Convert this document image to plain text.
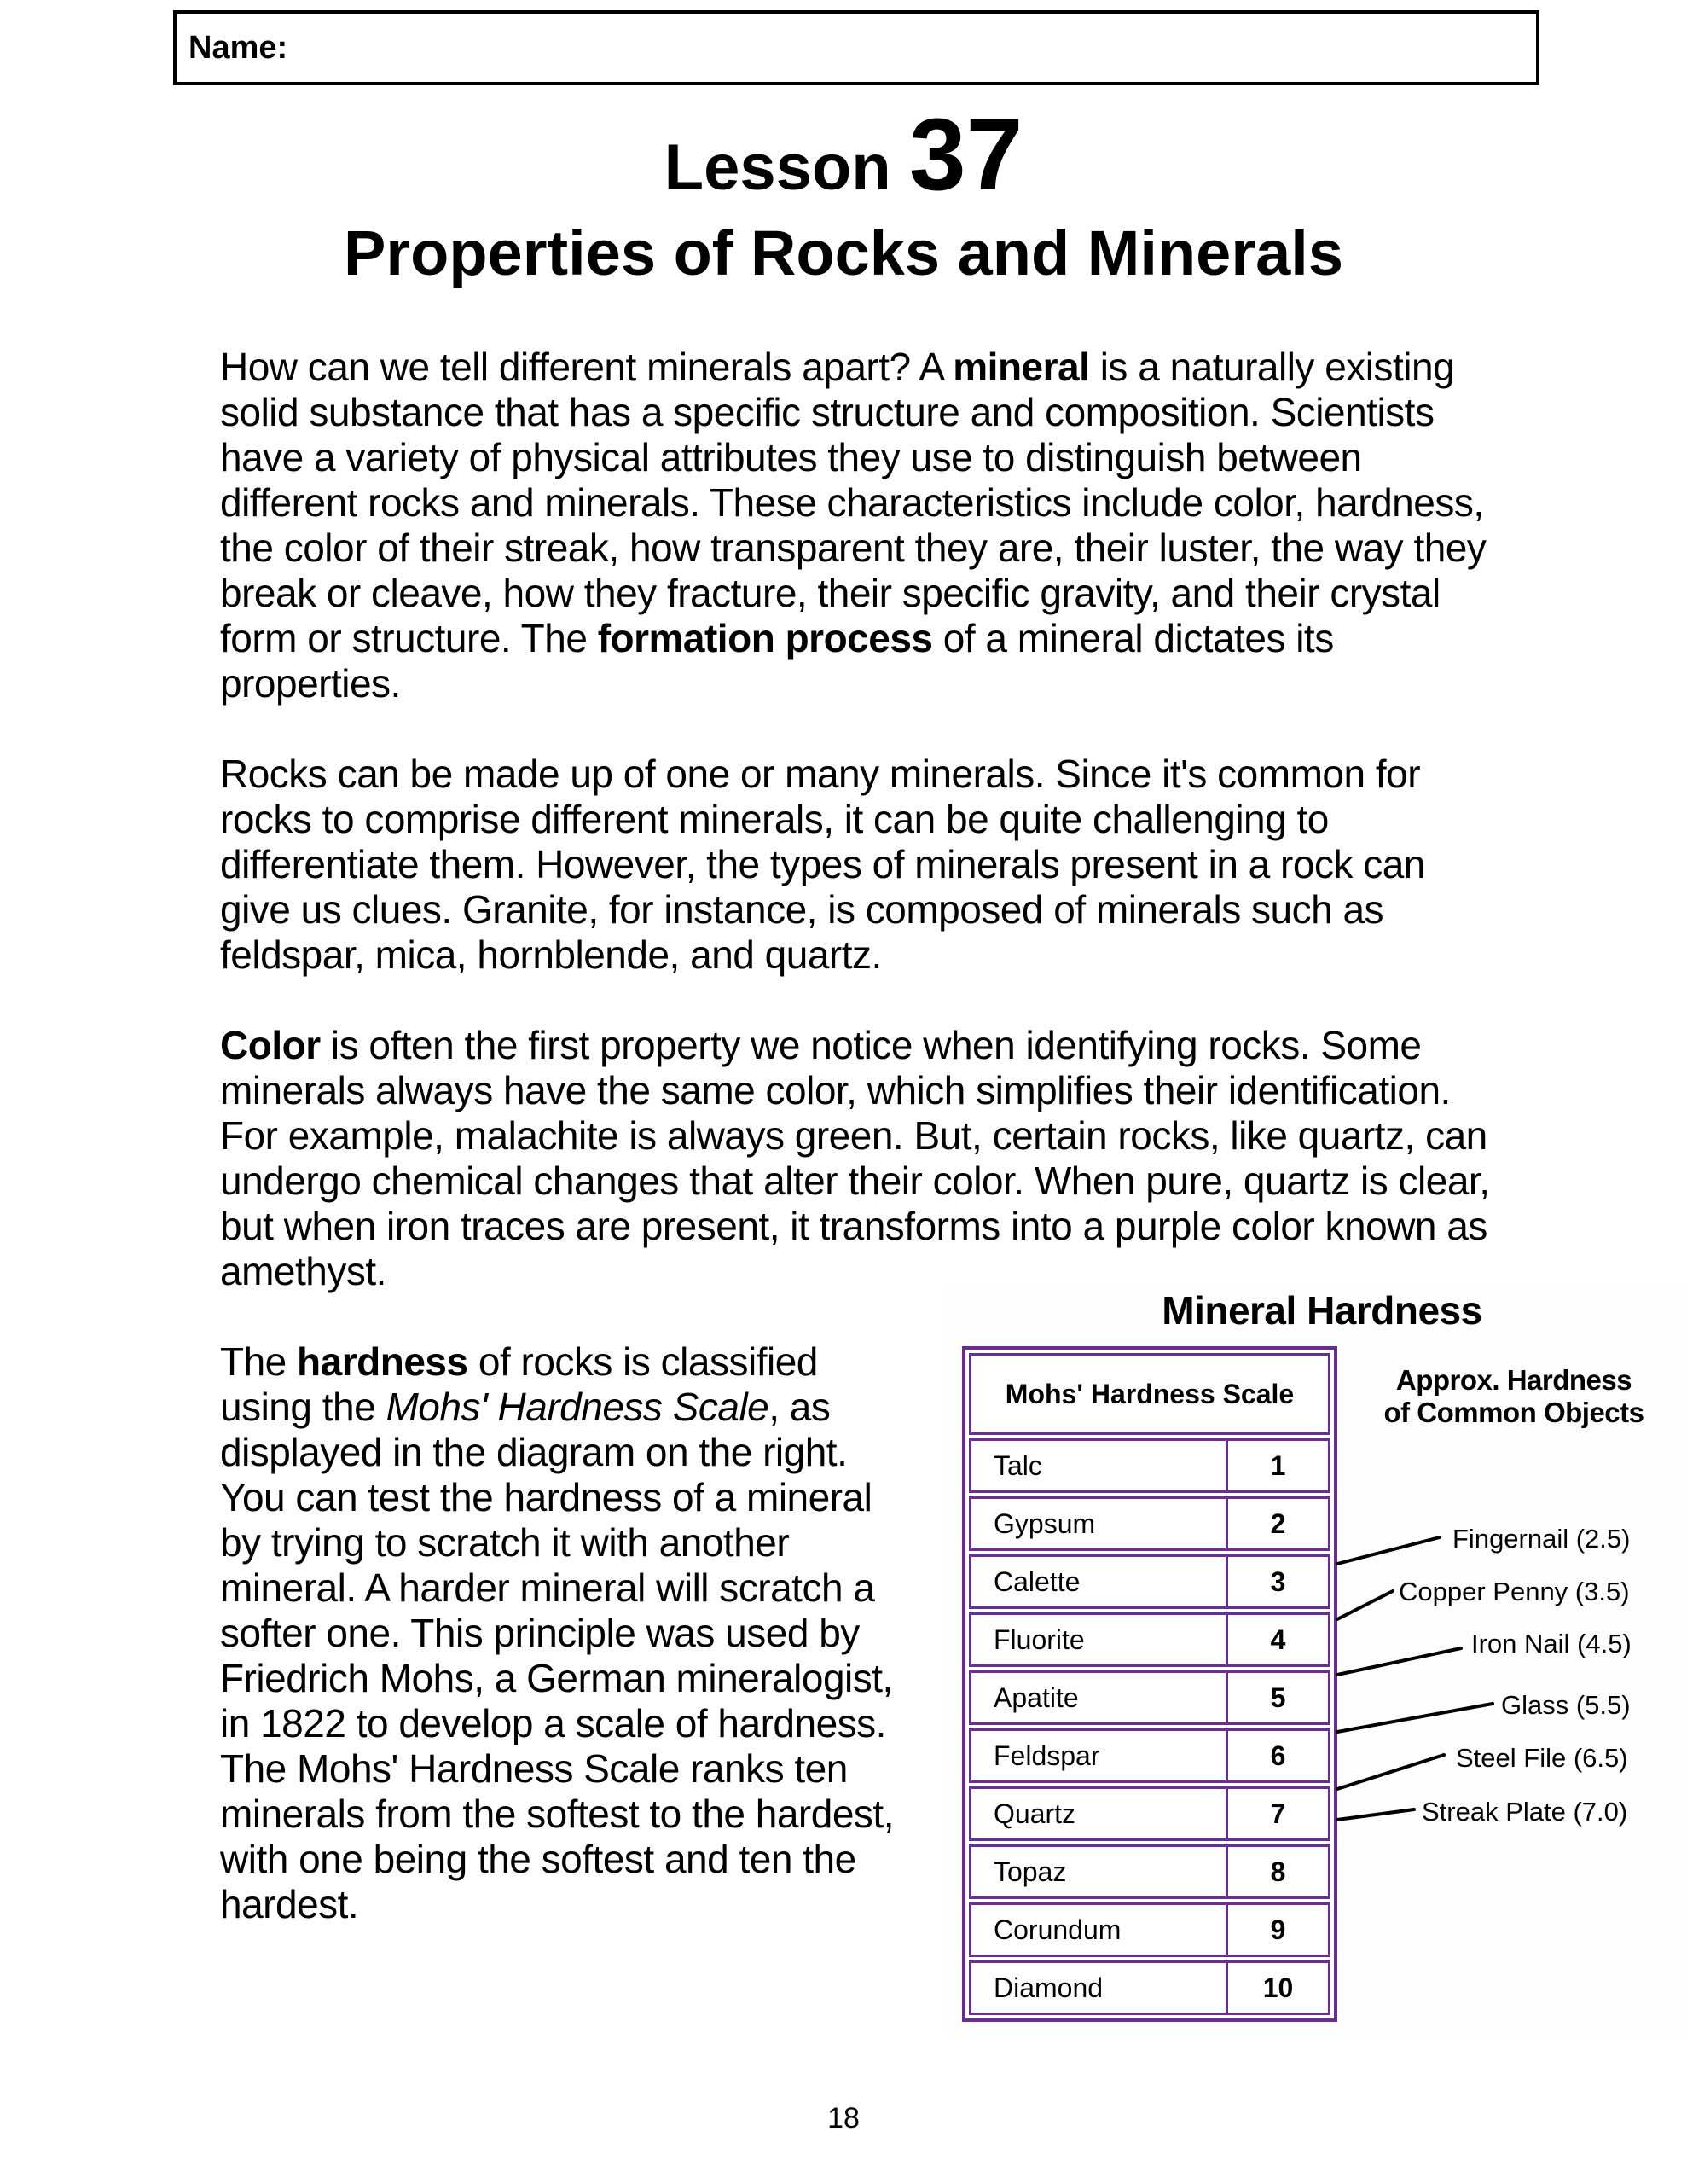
Name:
Lesson 37
Properties of Rocks and Minerals

How can we tell different minerals apart? A mineral is a naturally existing solid substance that has a specific structure and composition. Scientists have a variety of physical attributes they use to distinguish between different rocks and minerals. These characteristics include color, hardness, the color of their streak, how transparent they are, their luster, the way they break or cleave, how they fracture, their specific gravity, and their crystal form or structure. The formation process of a mineral dictates its properties.

Rocks can be made up of one or many minerals. Since it's common for rocks to comprise different minerals, it can be quite challenging to differentiate them. However, the types of minerals present in a rock can give us clues. Granite, for instance, is composed of minerals such as feldspar, mica, hornblende, and quartz.

Color is often the first property we notice when identifying rocks. Some minerals always have the same color, which simplifies their identification. For example, malachite is always green. But, certain rocks, like quartz, can undergo chemical changes that alter their color. When pure, quartz is clear, but when iron traces are present, it transforms into a purple color known as amethyst.

The hardness of rocks is classified using the Mohs' Hardness Scale, as displayed in the diagram on the right. You can test the hardness of a mineral by trying to scratch it with another mineral. A harder mineral will scratch a softer one. This principle was used by Friedrich Mohs, a German mineralogist, in 1822 to develop a scale of hardness. The Mohs' Hardness Scale ranks ten minerals from the softest to the hardest, with one being the softest and ten the hardest.

Mineral Hardness
Mohs' Hardness Scale
Talc	1
Gypsum	2
Calette	3
Fluorite	4
Apatite	5
Feldspar	6
Quartz	7
Topaz	8
Corundum	9
Diamond	10
Approx. Hardness
of Common Objects
Fingernail (2.5)
Copper Penny (3.5)
Iron Nail (4.5)
Glass (5.5)
Steel File (6.5)
Streak Plate (7.0)
18
